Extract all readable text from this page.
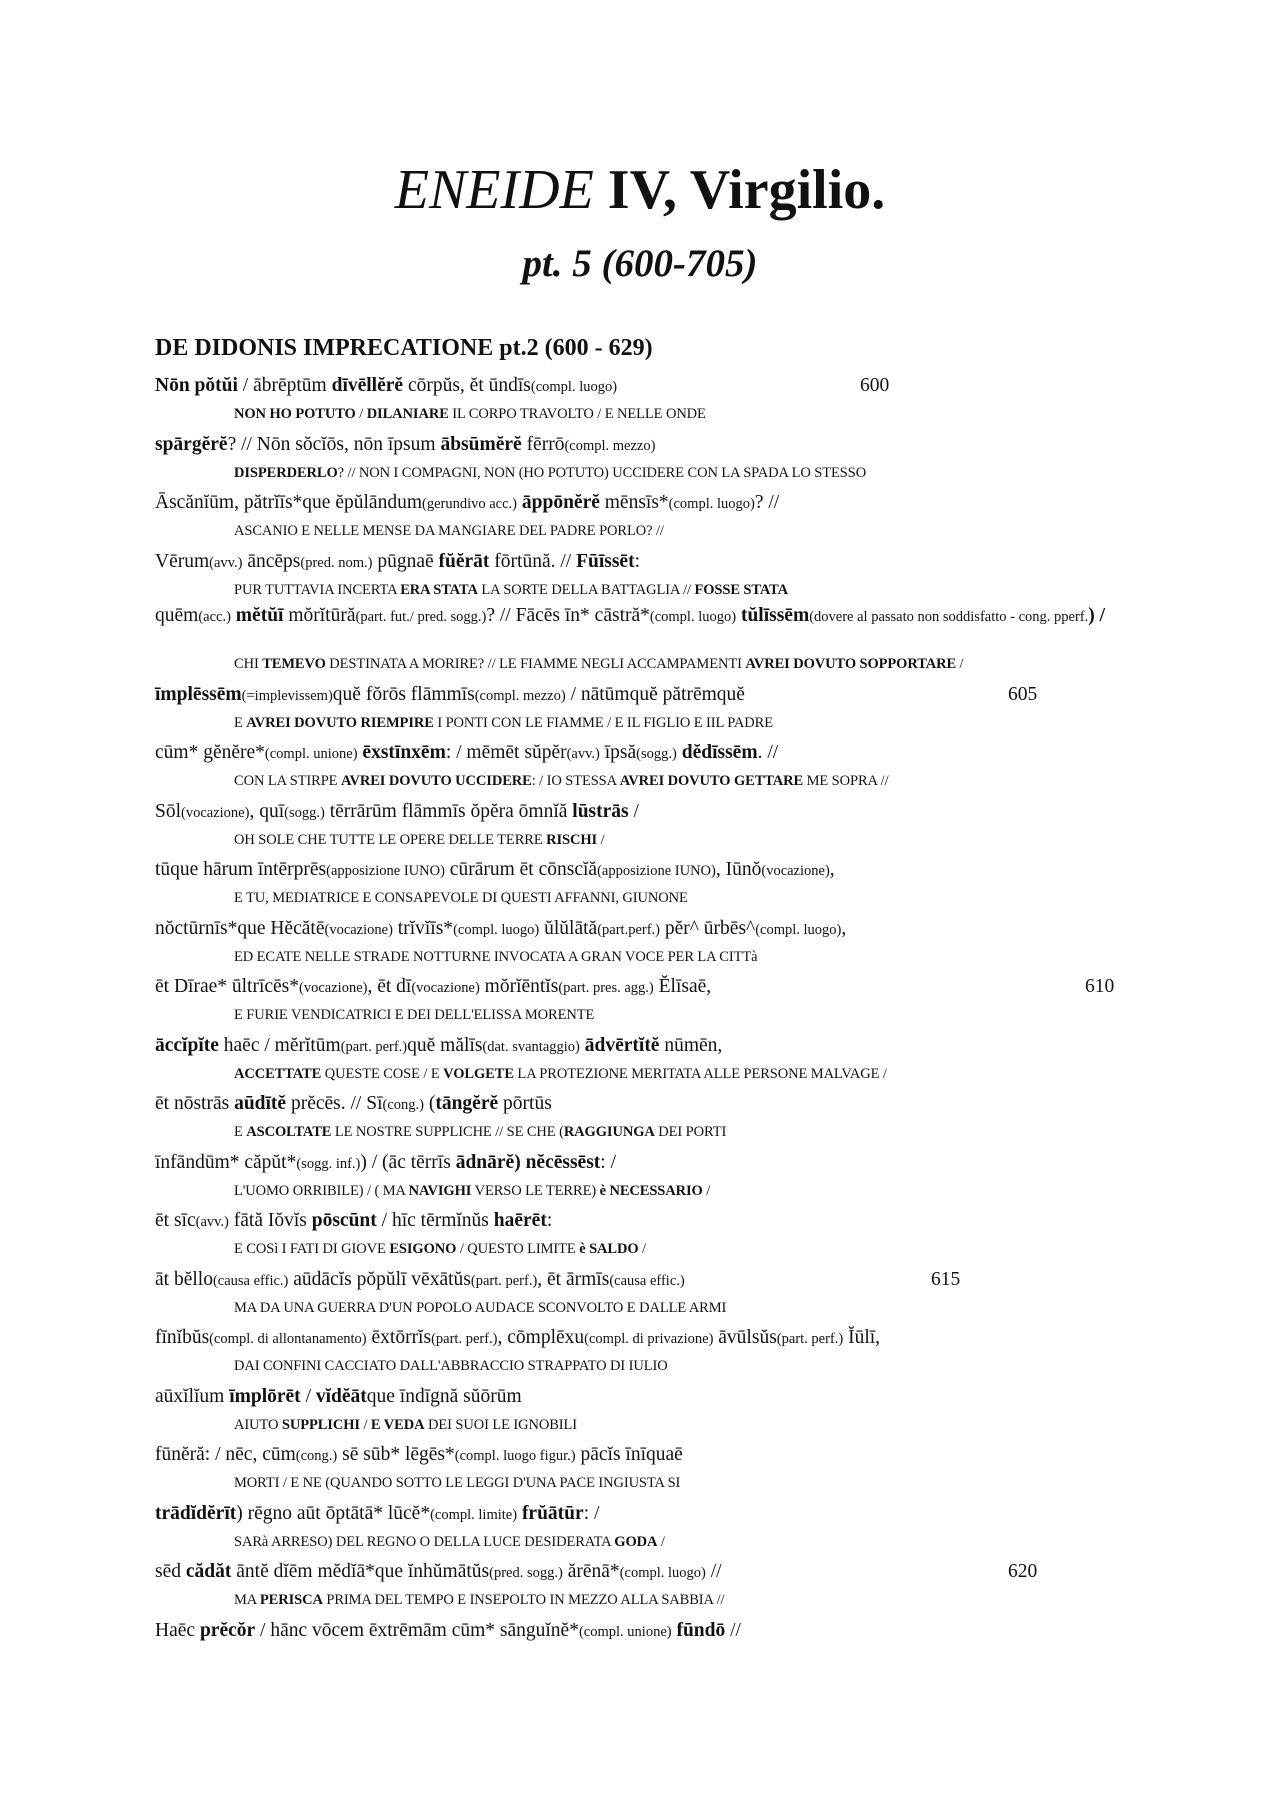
ENEIDE IV, Virgilio.
pt. 5 (600-705)
DE DIDONIS IMPRECATIONE pt.2 (600 - 629)
Nōn pŏtŭi / ābrēptūm dīvēllĕrĕ cōrpŭs, ĕt ūndīs(compl. luogo)	600
NON HO POTUTO / DILANIARE IL CORPO TRAVOLTO / E NELLE ONDE
spārgĕrĕ? // Nōn sŏcĭōs, nōn īpsum ābsūmĕrĕ fērrō(compl. mezzo)
DISPERDERLO? // NON I COMPAGNI, NON (HO POTUTO) UCCIDERE CON LA SPADA LO STESSO
Āscănĭūm, pătrĭīs*que ĕpŭlāndum(gerundivo acc.) āppōnĕrĕ mēnsīs*(compl. luogo)? //
ASCANIO E NELLE MENSE DA MANGIARE DEL PADRE PORLO? //
Vērum(avv.) āncēps(pred. nom.) pūgnaē fŭĕrāt fōrtūnă. // Fūīssēt:
PUR TUTTAVIA INCERTA ERA STATA LA SORTE DELLA BATTAGLIA // FOSSE STATA
quēm(acc.) mĕtŭī mŏrĭtūră(part. fut./ pred. sogg.)? // Fācēs īn* cāstră*(compl. luogo) tŭlīssēm(dovere al passato non soddisfatto - cong. pperf.) /
CHI TEMEVO DESTINATA A MORIRE? // LE FIAMME NEGLI ACCAMPAMENTI AVREI DOVUTO SOPPORTARE /
īmplēssēm(=implevissem)quĕ fŏrōs flāmmīs(compl. mezzo) / nātūmquĕ pătrēmquĕ	605
E AVREI DOVUTO RIEMPIRE I PONTI CON LE FIAMME / E IL FIGLIO E IIL PADRE
cūm* gĕnĕre*(compl. unione) ēxstīnxēm: / mēmēt sŭpĕr(avv.) īpsă(sogg.) dĕdīssēm. //
CON LA STIRPE AVREI DOVUTO UCCIDERE: / IO STESSA AVREI DOVUTO GETTARE ME SOPRA //
Sōl(vocazione), quī(sogg.) tērrārūm flāmmīs ŏpĕra ōmnĭă lūstrās /
OH SOLE CHE TUTTE LE OPERE DELLE TERRE RISCHI /
tūque hārum īntērprēs(apposizione IUNO) cūrārum ēt cōnscĭă(apposizione IUNO), Iūnŏ(vocazione),
E TU, MEDIATRICE E CONSAPEVOLE DI QUESTI AFFANNI, GIUNONE
nŏctūrnīs*que Hĕcătē(vocazione) trĭvĭīs*(compl. luogo) ŭlŭlātă(part.perf.) pĕr^ ūrbēs^(compl. luogo),
ED ECATE NELLE STRADE NOTTURNE INVOCATA A GRAN VOCE PER LA CITTà
ēt Dīrae* ūltrīcēs*(vocazione), ēt dī(vocazione) mŏrĭēntĭs(part. pres. agg.) Ĕlīsaē,	610
E FURIE VENDICATRICI E DEI DELL'ELISSA MORENTE
āccĭpĭte haēc / mĕrĭtūm(part. perf.)quĕ mălīs(dat. svantaggio) ādvērtĭtĕ nūmēn,
ACCETTATE QUESTE COSE / E VOLGETE LA PROTEZIONE MERITATA ALLE PERSONE MALVAGE /
ēt nōstrās aūdītĕ prĕcēs. // Sī(cong.) (tāngĕrĕ pōrtūs
E ASCOLTATE LE NOSTRE SUPPLICHE // SE CHE (RAGGIUNGA DEI PORTI
īnfāndūm* căpŭt*(sogg. inf.)) / (āc tērrīs ādnārĕ) nĕcēssēst: /
L'UOMO ORRIBILE) / ( MA NAVIGHI VERSO LE TERRE) è NECESSARIO /
ēt sīc(avv.) fātă Iŏvĭs pōscūnt / hīc tērmĭnŭs haērēt:
E COSì I FATI DI GIOVE ESIGONO / QUESTO LIMITE è SALDO /
āt bĕllo(causa effic.) aūdācĭs pŏpŭlī vēxātŭs(part. perf.), ēt ārmīs(causa effic.)	615
MA DA UNA GUERRA D'UN POPOLO AUDACE SCONVOLTO E DALLE ARMI
fīnĭbŭs(compl. di allontanamento) ēxtōrrĭs(part. perf.), cōmplēxu(compl. di privazione) āvūlsŭs(part. perf.) Ĭūlī,
DAI CONFINI CACCIATO DALL'ABBRACCIO STRAPPATO DI IULIO
aūxĭlĭum īmplōrēt / vĭdĕātque īndīgnă sŭōrūm
AIUTO SUPPLICHI / E VEDA DEI SUOI LE IGNOBILI
fūnĕră: / nēc, cūm(cong.) sē sūb* lēgēs*(compl. luogo figur.) pācĭs īnīquaē
MORTI / E NE (QUANDO SOTTO LE LEGGI D'UNA PACE INGIUSTA SI
trādĭdĕrīt) rēgno aūt ōptātā* lūcĕ*(compl. limite) frŭātūr: /
SARà ARRESO) DEL REGNO O DELLA LUCE DESIDERATA GODA /
sēd cădăt āntĕ dĭēm mĕdĭā*que ĭnhŭmātŭs(pred. sogg.) ărēnā*(compl. luogo) //	620
MA PERISCA PRIMA DEL TEMPO E INSEPOLTO IN MEZZO ALLA SABBIA //
Haēc prĕcŏr / hānc vōcem ēxtrēmām cūm* sānguĭnĕ*(compl. unione) fūndō //
